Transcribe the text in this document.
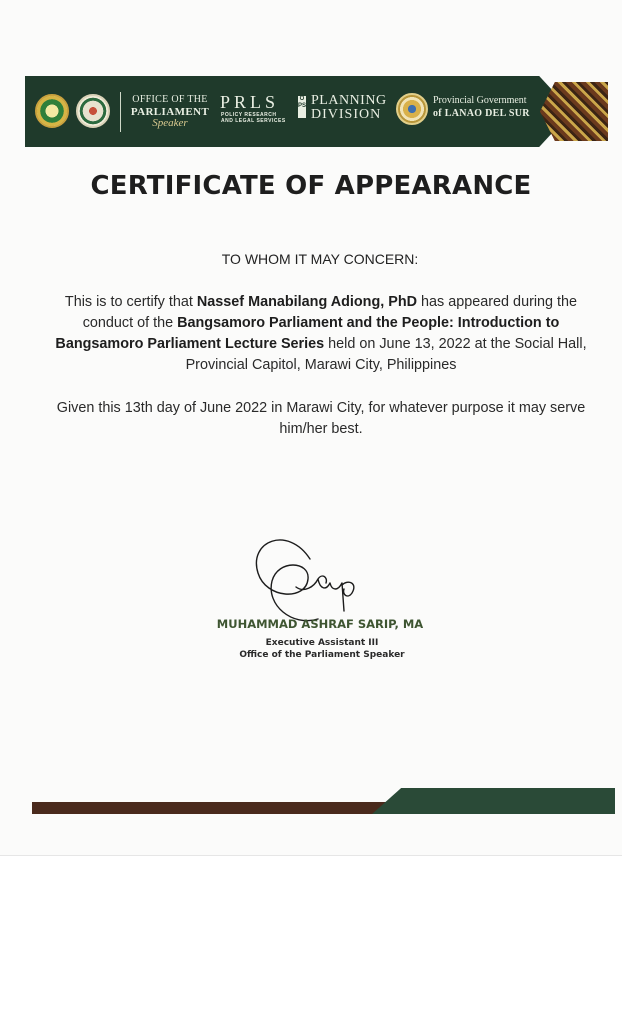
OFFICE OF THE
PARLIAMENT
Speaker
PRLS
POLICY RESEARCH
AND LEGAL SERVICES
OPS PLANNING
DIVISION
Provincial Government
of LANAO DEL SUR
CERTIFICATE OF APPEARANCE
TO WHOM IT MAY CONCERN:
This is to certify that Nassef Manabilang Adiong, PhD has appeared during the conduct of the Bangsamoro Parliament and the People: Introduction to Bangsamoro Parliament Lecture Series held on June 13, 2022 at the Social Hall, Provincial Capitol, Marawi City, Philippines
Given this 13th day of June 2022 in Marawi City, for whatever purpose it may serve him/her best.
MUHAMMAD ASHRAF SARIP, MA
Executive Assistant III
Office of the Parliament Speaker
